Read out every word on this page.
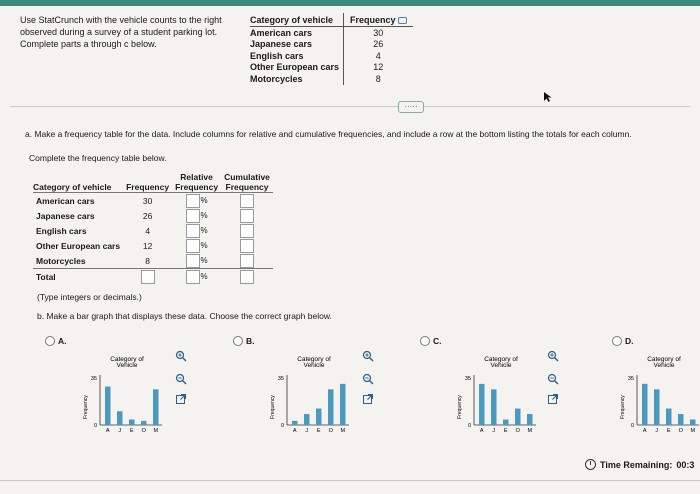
Use StatCrunch with the vehicle counts to the right
observed during a survey of a student parking lot.
Complete parts a through c below.
Category of vehicle	Frequency
American cars	30
Japanese cars	26
English cars	4
Other European cars	12
Motorcycles	8
·····
a. Make a frequency table for the data. Include columns for relative and cumulative frequencies, and include a row at the bottom listing the totals for each column.
Complete the frequency table below.
		Relative	Cumulative
Category of vehicle	Frequency	Frequency	Frequency
American cars	30	%	
Japanese cars	26	%	
English cars	4	%	
Other European cars	12	%	
Motorcycles	8	%	
Total		%	
(Type integers or decimals.)
b. Make a bar graph that displays these data. Choose the correct graph below.
A.
Category of
Vehicle
Frequency
35
0
A J E O M
B.
Category of
Vehicle
Frequency
35
0
A J E O M
C.
Category of
Vehicle
Frequency
35
0
A J E O M
D.
Category of
Vehicle
Frequency
35
0
A J E O M
Time Remaining: 00:3
